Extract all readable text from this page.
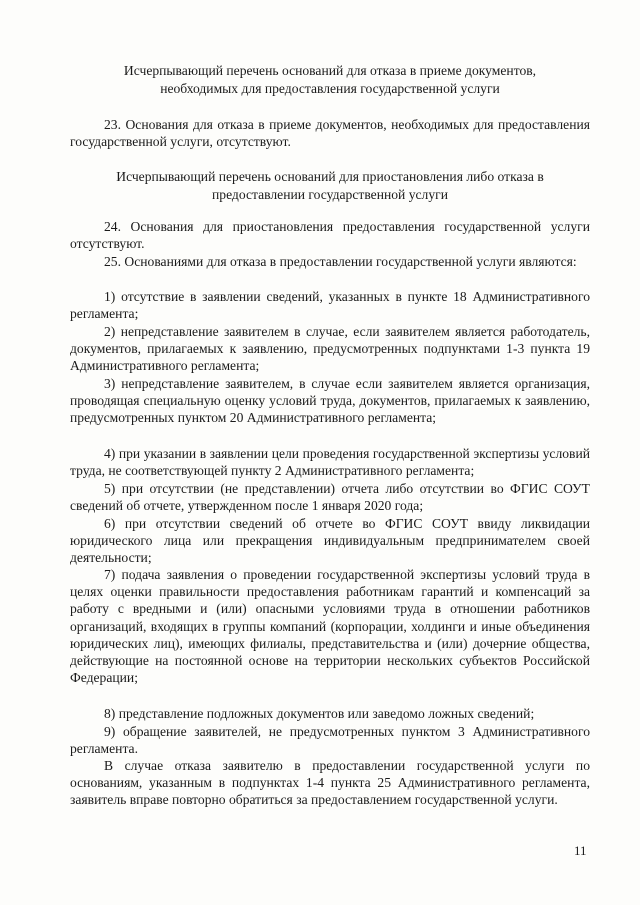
Исчерпывающий перечень оснований для отказа в приеме документов,
необходимых для предоставления государственной услуги
23. Основания для отказа в приеме документов, необходимых для предоставления государственной услуги, отсутствуют.
Исчерпывающий перечень оснований для приостановления либо отказа в
предоставлении государственной услуги
24. Основания для приостановления предоставления государственной услуги отсутствуют.
25. Основаниями для отказа в предоставлении государственной услуги являются:
1) отсутствие в заявлении сведений, указанных в пункте 18 Административного регламента;
2) непредставление заявителем в случае, если заявителем является работодатель, документов, прилагаемых к заявлению, предусмотренных подпунктами 1-3 пункта 19 Административного регламента;
3) непредставление заявителем, в случае если заявителем является организация, проводящая специальную оценку условий труда, документов, прилагаемых к заявлению, предусмотренных пунктом 20 Административного регламента;
4) при указании в заявлении цели проведения государственной экспертизы условий труда, не соответствующей пункту 2 Административного регламента;
5) при отсутствии (не представлении) отчета либо отсутствии во ФГИС СОУТ сведений об отчете, утвержденном после 1 января 2020 года;
6) при отсутствии сведений об отчете во ФГИС СОУТ ввиду ликвидации юридического лица или прекращения индивидуальным предпринимателем своей деятельности;
7) подача заявления о проведении государственной экспертизы условий труда в целях оценки правильности предоставления работникам гарантий и компенсаций за работу с вредными и (или) опасными условиями труда в отношении работников организаций, входящих в группы компаний (корпорации, холдинги и иные объединения юридических лиц), имеющих филиалы, представительства и (или) дочерние общества, действующие на постоянной основе на территории нескольких субъектов Российской Федерации;
8) представление подложных документов или заведомо ложных сведений;
9) обращение заявителей, не предусмотренных пунктом 3 Административного регламента.
В случае отказа заявителю в предоставлении государственной услуги по основаниям, указанным в подпунктах 1-4 пункта 25 Административного регламента, заявитель вправе повторно обратиться за предоставлением государственной услуги.
11
